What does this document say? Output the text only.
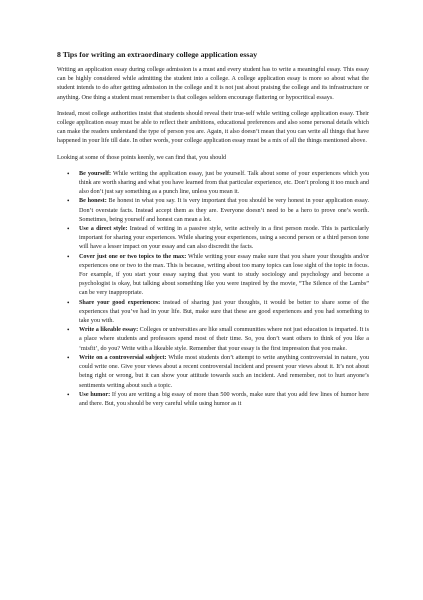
8 Tips for writing an extraordinary college application essay

Writing an application essay during college admission is a must and every student has to write a meaningful essay. This essay can be highly considered while admitting the student into a college. A college application essay is more so about what the student intends to do after getting admission in the college and it is not just about praising the college and its infrastructure or anything. One thing a student must remember is that colleges seldom encourage flattering or hypocritical essays.

Instead, most college authorities insist that students should reveal their true-self while writing college application essay. Their college application essay must be able to reflect their ambitions, educational preferences and also some personal details which can make the readers understand the type of person you are. Again, it also doesn’t mean that you can write all things that have happened in your life till date. In other words, your college application essay must be a mix of all the things mentioned above.

Looking at some of those points keenly, we can find that, you should

• Be yourself: While writing the application essay, just be yourself. Talk about some of your experiences which you think are worth sharing and what you have learned from that particular experience, etc. Don’t prolong it too much and also don’t just say something as a punch line, unless you mean it.
• Be honest: Be honest in what you say. It is very important that you should be very honest in your application essay. Don’t overstate facts. Instead accept them as they are. Everyone doesn’t need to be a hero to prove one’s worth. Sometimes, being yourself and honest can mean a lot.
• Use a direct style: Instead of writing in a passive style, write actively in a first person mode. This is particularly important for sharing your experiences. While sharing your experiences, using a second person or a third person tone will have a lesser impact on your essay and can also discredit the facts.
• Cover just one or two topics to the max: While writing your essay make sure that you share your thoughts and/or experiences one or two to the max. This is because, writing about too many topics can lose sight of the topic in focus. For example, if you start your essay saying that you want to study sociology and psychology and become a psychologist is okay, but talking about something like you were inspired by the movie, “The Silence of the Lambs” can be very inappropriate.
• Share your good experiences: instead of sharing just your thoughts, it would be better to share some of the experiences that you’ve had in your life. But, make sure that these are good experiences and you had something to take you with.
• Write a likeable essay: Colleges or universities are like small communities where not just education is imparted. It is a place where students and professors spend most of their time. So, you don’t want others to think of you like a ‘misfit’, do you? Write with a likeable style. Remember that your essay is the first impression that you make.
• Write on a controversial subject: While most students don’t attempt to write anything controversial in nature, you could write one. Give your views about a recent controversial incident and present your views about it. It’s not about being right or wrong, but it can show your attitude towards such an incident. And remember, not to hurt anyone’s sentiments writing about such a topic.
• Use humor: If you are writing a big essay of more than 500 words, make sure that you add few lines of humor here and there. But, you should be very careful while using humor as it
